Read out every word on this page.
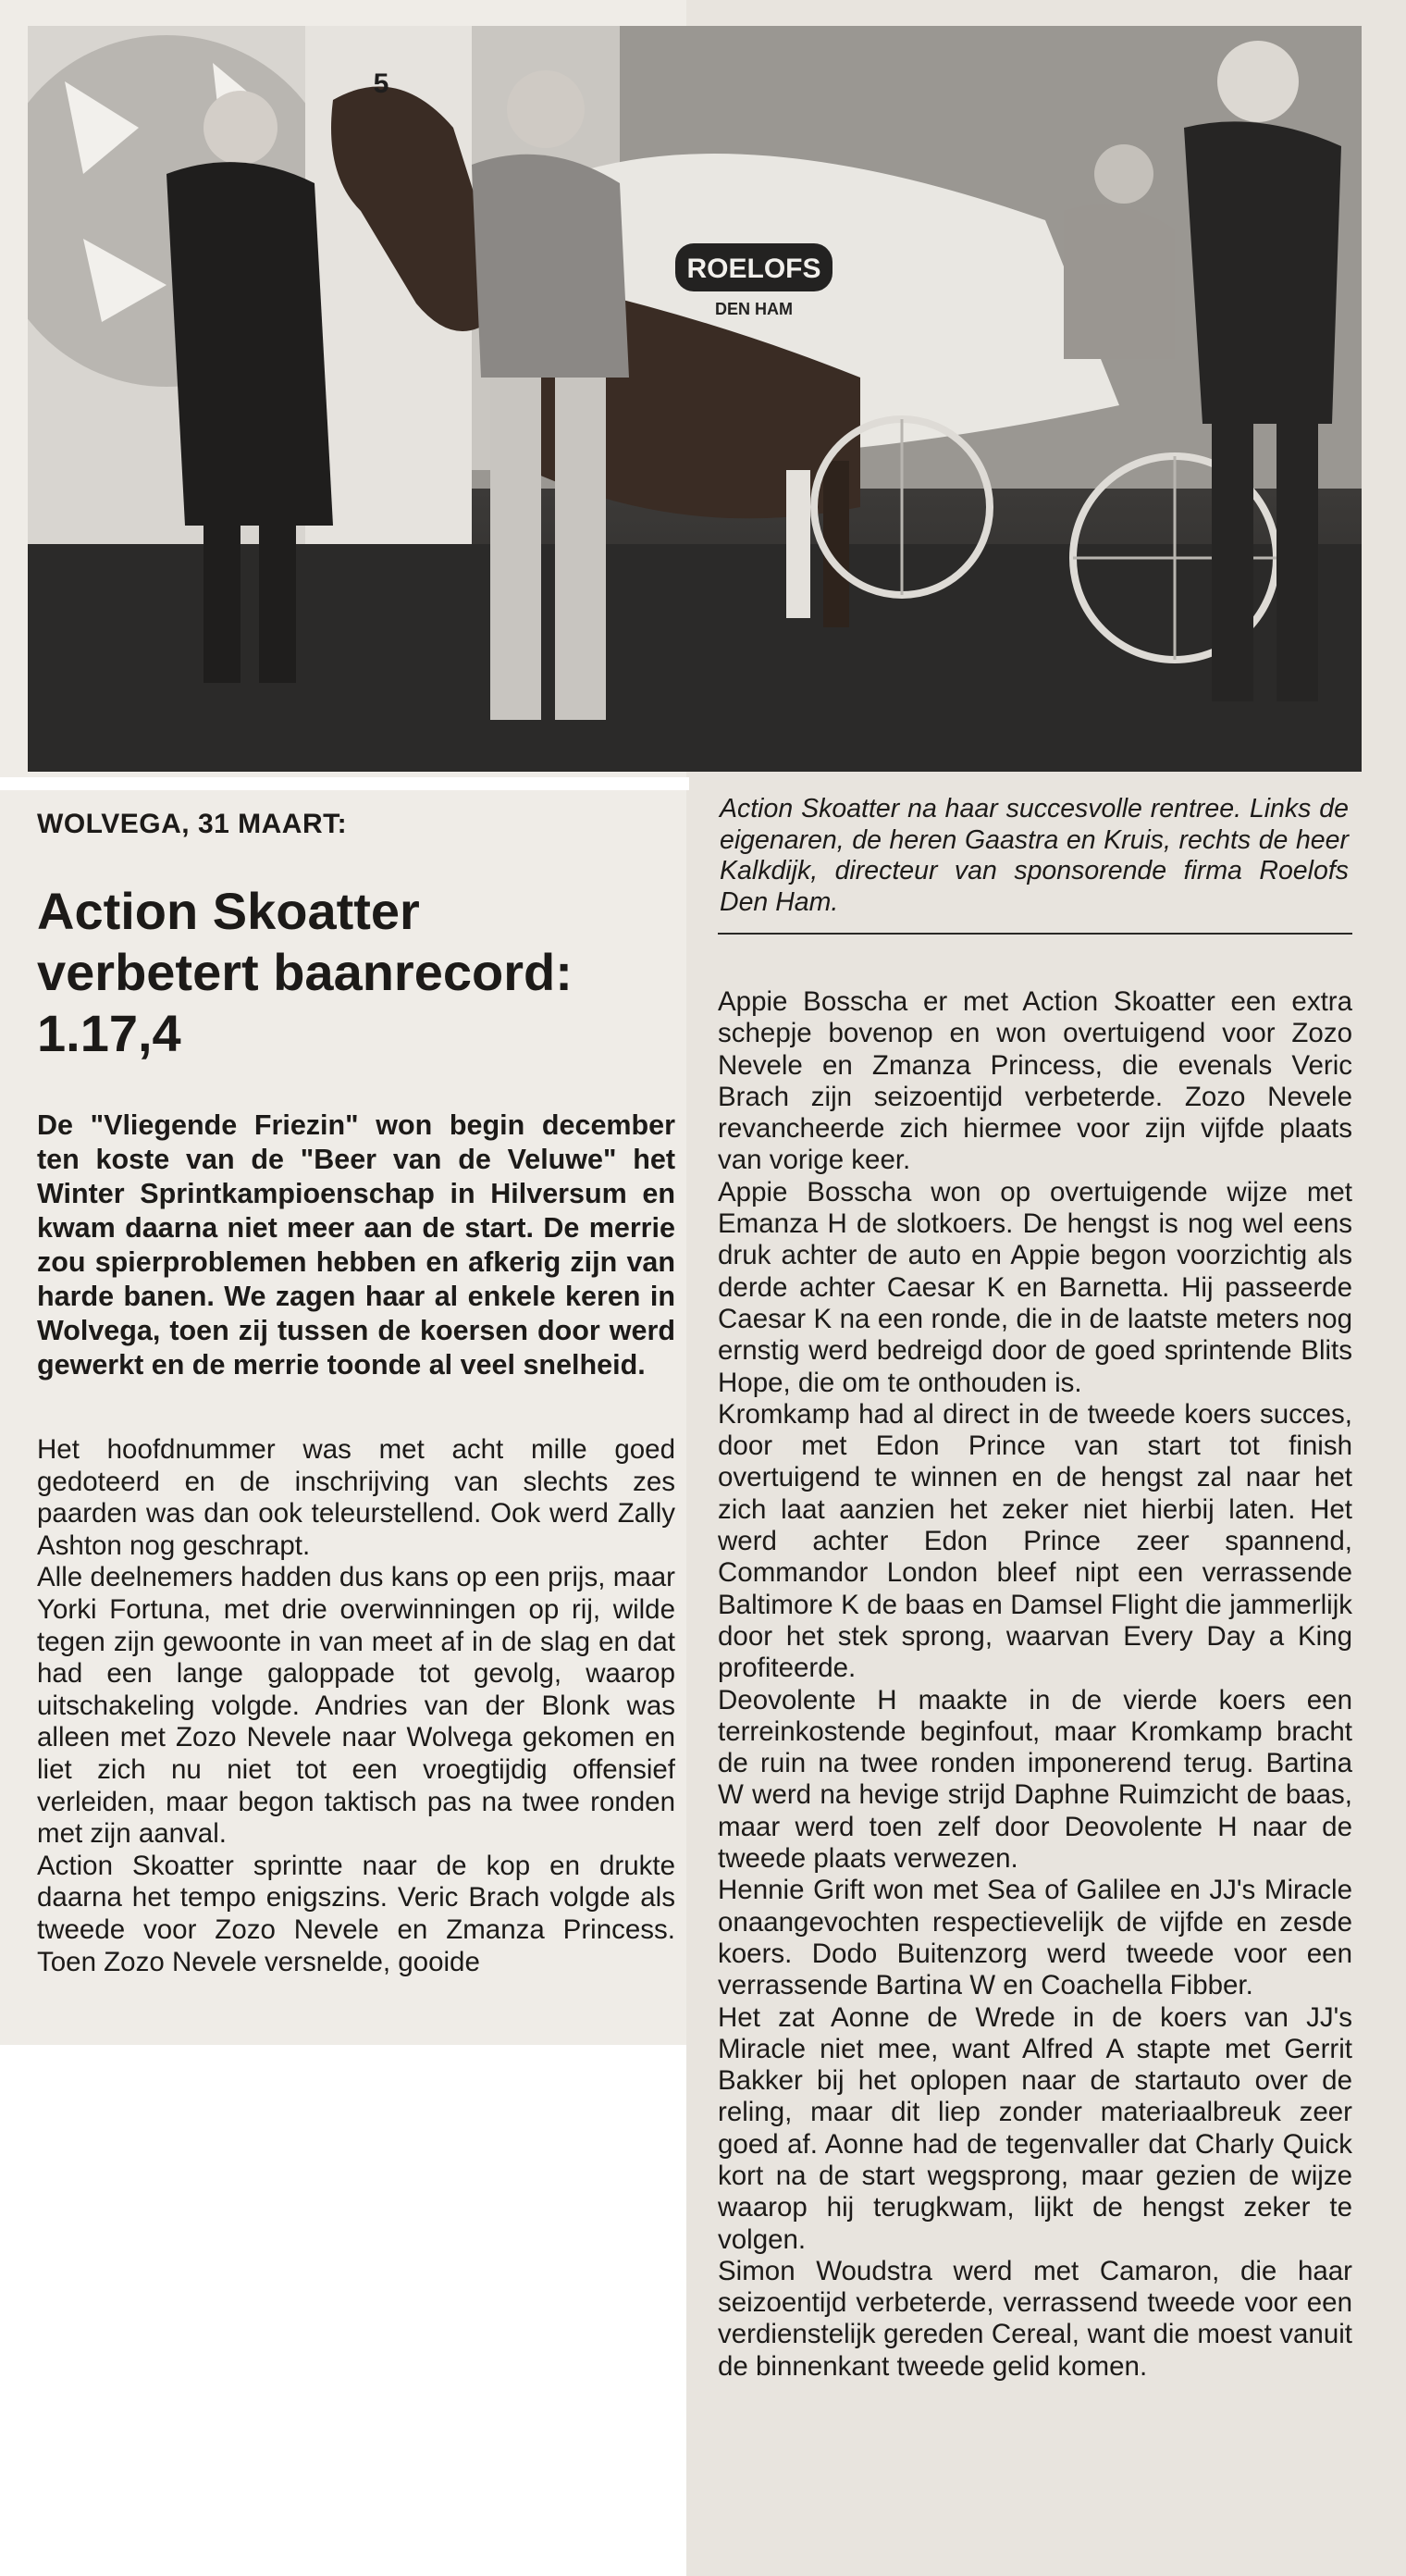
ROELOFS
DEN HAM
5
WOLVEGA, 31 MAART:
Action Skoatter
verbetert baanrecord:
1.17,4
De "Vliegende Friezin" won begin december ten koste van de "Beer van de Veluwe" het Winter Sprintkampioenschap in Hilversum en kwam daarna niet meer aan de start. De merrie zou spierproblemen hebben en afkerig zijn van harde banen. We zagen haar al enkele keren in Wolvega, toen zij tussen de koersen door werd gewerkt en de merrie toonde al veel snelheid.

Het hoofdnummer was met acht mille goed gedoteerd en de inschrijving van slechts zes paarden was dan ook teleurstellend. Ook werd Zally Ashton nog geschrapt.

Alle deelnemers hadden dus kans op een prijs, maar Yorki Fortuna, met drie overwinningen op rij, wilde tegen zijn gewoonte in van meet af in de slag en dat had een lange galoppade tot gevolg, waarop uitschakeling volgde. Andries van der Blonk was alleen met Zozo Nevele naar Wolvega gekomen en liet zich nu niet tot een vroegtijdig offensief verleiden, maar begon taktisch pas na twee ronden met zijn aanval.

Action Skoatter sprintte naar de kop en drukte daarna het tempo enigszins. Veric Brach volgde als tweede voor Zozo Nevele en Zmanza Princess. Toen Zozo Nevele versnelde, gooide

Action Skoatter na haar succesvolle rentree. Links de eigenaren, de heren Gaastra en Kruis, rechts de heer Kalkdijk, directeur van sponsorende firma Roelofs Den Ham.

Appie Bosscha er met Action Skoatter een extra schepje bovenop en won overtuigend voor Zozo Nevele en Zmanza Princess, die evenals Veric Brach zijn seizoentijd verbeterde. Zozo Nevele revancheerde zich hiermee voor zijn vijfde plaats van vorige keer.

Appie Bosscha won op overtuigende wijze met Emanza H de slotkoers. De hengst is nog wel eens druk achter de auto en Appie begon voorzichtig als derde achter Caesar K en Barnetta. Hij passeerde Caesar K na een ronde, die in de laatste meters nog ernstig werd bedreigd door de goed sprintende Blits Hope, die om te onthouden is.

Kromkamp had al direct in de tweede koers succes, door met Edon Prince van start tot finish overtuigend te winnen en de hengst zal naar het zich laat aanzien het zeker niet hierbij laten. Het werd achter Edon Prince zeer spannend, Commandor London bleef nipt een verrassende Baltimore K de baas en Damsel Flight die jammerlijk door het stek sprong, waarvan Every Day a King profiteerde.

Deovolente H maakte in de vierde koers een terreinkostende beginfout, maar Kromkamp bracht de ruin na twee ronden imponerend terug. Bartina W werd na hevige strijd Daphne Ruimzicht de baas, maar werd toen zelf door Deovolente H naar de tweede plaats verwezen.

Hennie Grift won met Sea of Galilee en JJ's Miracle onaangevochten respectievelijk de vijfde en zesde koers. Dodo Buitenzorg werd tweede voor een verrassende Bartina W en Coachella Fibber.

Het zat Aonne de Wrede in de koers van JJ's Miracle niet mee, want Alfred A stapte met Gerrit Bakker bij het oplopen naar de startauto over de reling, maar dit liep zonder materiaalbreuk zeer goed af. Aonne had de tegenvaller dat Charly Quick kort na de start wegsprong, maar gezien de wijze waarop hij terugkwam, lijkt de hengst zeker te volgen.

Simon Woudstra werd met Camaron, die haar seizoentijd verbeterde, verrassend tweede voor een verdienstelijk gereden Cereal, want die moest vanuit de binnenkant tweede gelid komen.
